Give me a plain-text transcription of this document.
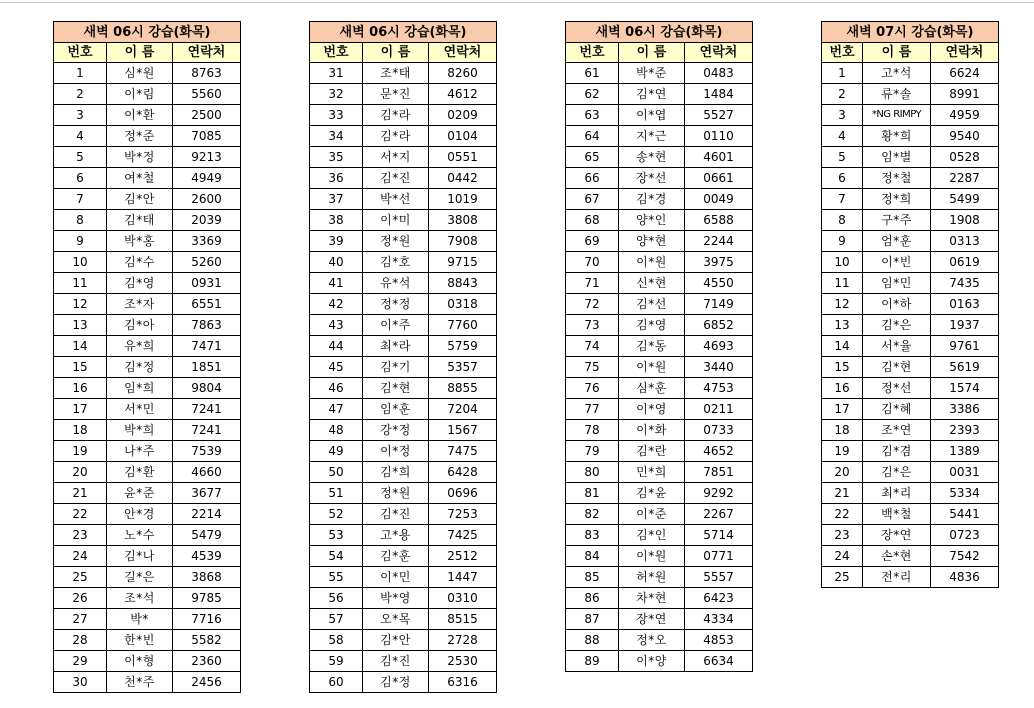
새벽 06시 강습(화목)		
번호	이 름	연락처
1	심*원	8763
2	이*림	5560
3	이*환	2500
4	정*준	7085
5	박*정	9213
6	여*철	4949
7	김*안	2600
8	김*태	2039
9	박*홍	3369
10	김*수	5260
11	김*영	0931
12	조*자	6551
13	김*아	7863
14	유*희	7471
15	김*정	1851
16	임*희	9804
17	서*민	7241
18	박*희	7241
19	나*주	7539
20	김*환	4660
21	윤*준	3677
22	안*경	2214
23	노*수	5479
24	김*나	4539
25	길*은	3868
26	조*석	9785
27	박*	7716
28	한*빈	5582
29	이*형	2360
30	천*주	2456
새벽 06시 강습(화목)		
번호	이 름	연락처
31	조*태	8260
32	문*진	4612
33	김*라	0209
34	김*라	0104
35	서*지	0551
36	김*진	0442
37	박*선	1019
38	이*미	3808
39	정*원	7908
40	김*호	9715
41	유*석	8843
42	정*정	0318
43	이*주	7760
44	최*라	5759
45	김*기	5357
46	김*현	8855
47	임*훈	7204
48	강*정	1567
49	이*정	7475
50	김*희	6428
51	정*원	0696
52	김*진	7253
53	고*용	7425
54	김*훈	2512
55	이*민	1447
56	박*영	0310
57	오*목	8515
58	김*안	2728
59	김*진	2530
60	김*정	6316
새벽 06시 강습(화목)		
번호	이 름	연락처
61	박*준	0483
62	김*연	1484
63	이*엽	5527
64	지*근	0110
65	송*현	4601
66	장*선	0661
67	김*경	0049
68	양*인	6588
69	양*현	2244
70	이*원	3975
71	신*현	4550
72	김*선	7149
73	김*영	6852
74	김*동	4693
75	이*원	3440
76	심*훈	4753
77	이*영	0211
78	이*화	0733
79	김*란	4652
80	민*희	7851
81	김*윤	9292
82	이*준	2267
83	김*인	5714
84	이*원	0771
85	허*원	5557
86	차*현	6423
87	장*연	4334
88	정*오	4853
89	이*양	6634
새벽 07시 강습(화목)		
번호	이 름	연락처
1	고*석	6624
2	류*솔	8991
3	*NG RIMPY	4959
4	황*희	9540
5	임*별	0528
6	정*철	2287
7	정*희	5499
8	구*주	1908
9	엄*훈	0313
10	이*빈	0619
11	임*민	7435
12	이*하	0163
13	김*은	1937
14	서*율	9761
15	김*현	5619
16	정*선	1574
17	김*혜	3386
18	조*연	2393
19	김*겸	1389
20	김*은	0031
21	최*리	5334
22	백*철	5441
23	장*연	0723
24	손*현	7542
25	전*리	4836
